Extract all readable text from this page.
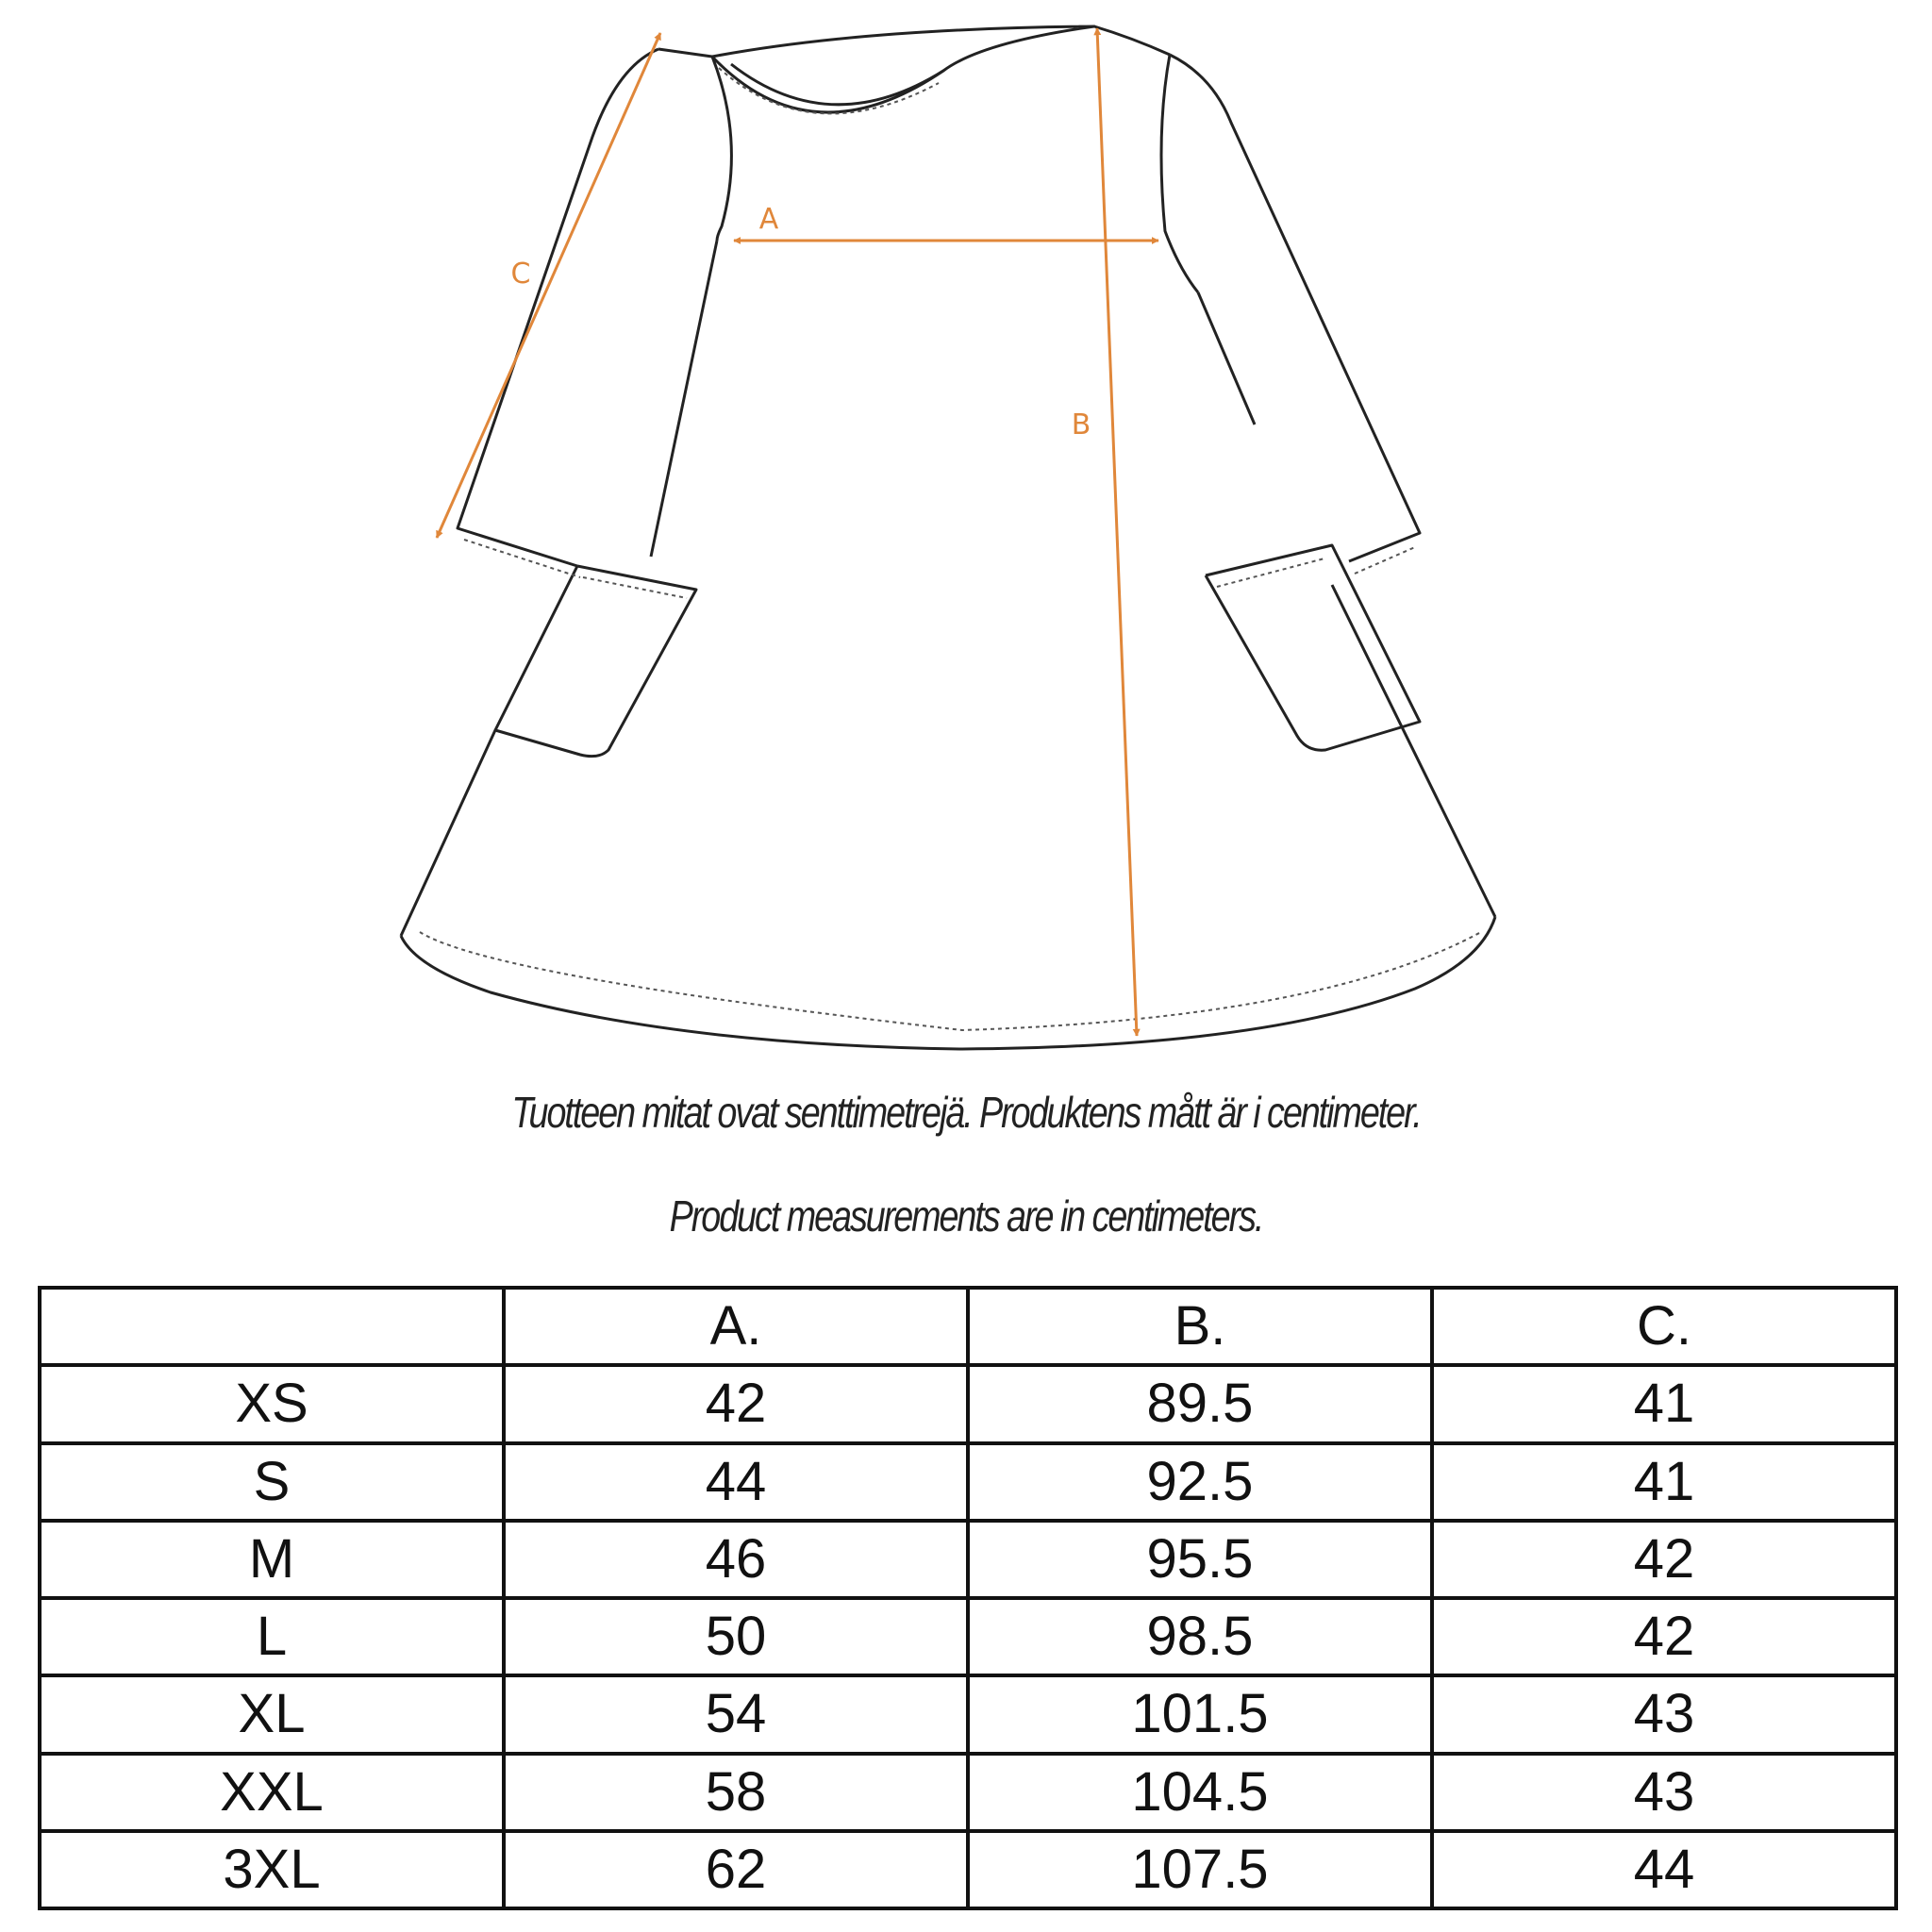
A
B
C
Tuotteen mitat ovat senttimetrejä. Produktens mått är i centimeter.
Product measurements are in centimeters.
	A.	B.	C.
XS	42	89.5	41
S	44	92.5	41
M	46	95.5	42
L	50	98.5	42
XL	54	101.5	43
XXL	58	104.5	43
3XL	62	107.5	44
